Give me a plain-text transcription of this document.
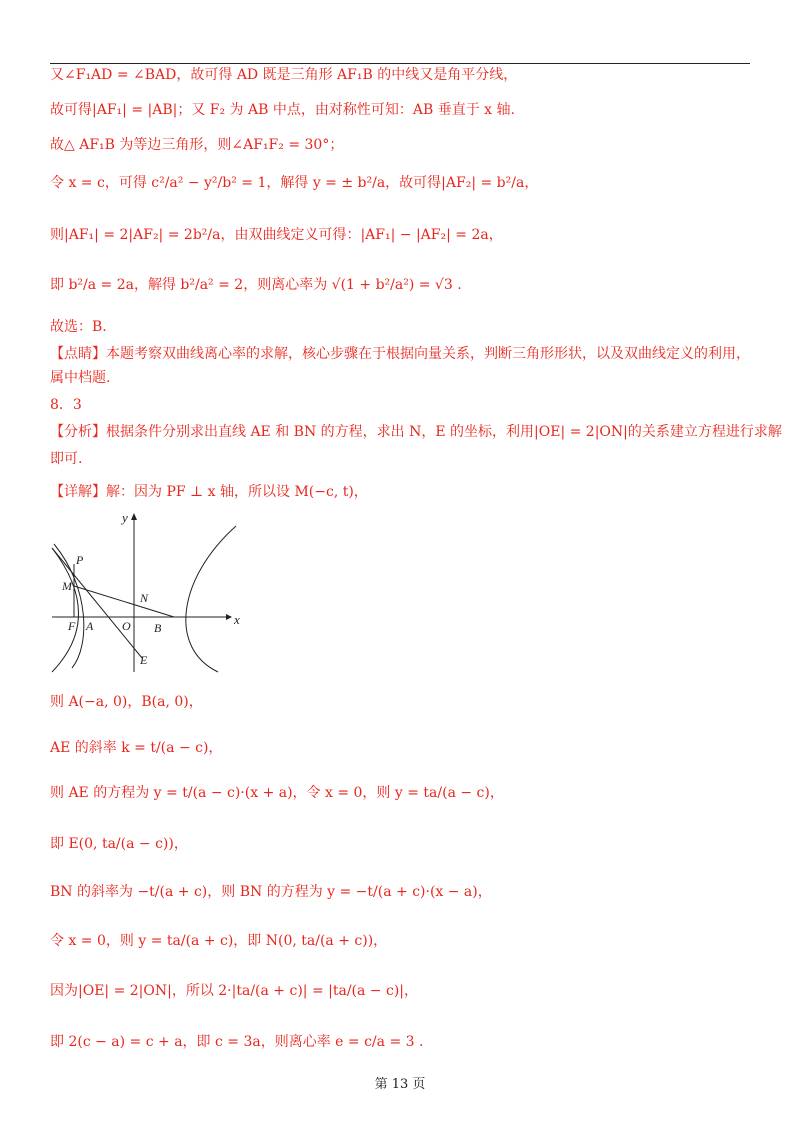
又∠F₁AD = ∠BAD，故可得 AD 既是三角形 AF₁B 的中线又是角平分线，
故可得|AF₁| = |AB|；又 F₂ 为 AB 中点，由对称性可知：AB 垂直于 x 轴.
故△ AF₁B 为等边三角形，则∠AF₁F₂ = 30°；
令 x = c，可得 c²/a² − y²/b² = 1，解得 y = ± b²/a，故可得|AF₂| = b²/a，
则|AF₁| = 2|AF₂| = 2b²/a，由双曲线定义可得：|AF₁| − |AF₂| = 2a，
即 b²/a = 2a，解得 b²/a² = 2，则离心率为 √(1 + b²/a²) = √3 .
故选：B.
【点睛】本题考察双曲线离心率的求解，核心步骤在于根据向量关系，判断三角形形状，以及双曲线定义的利用，
属中档题.
8．3
【分析】根据条件分别求出直线 AE 和 BN 的方程，求出 N，E 的坐标，利用|OE| = 2|ON|的关系建立方程进行求解
即可.
【详解】解：因为 PF ⊥ x 轴，所以设 M(−c, t)，
则 A(−a, 0)，B(a, 0)，
AE 的斜率 k = t/(a − c)，
则 AE 的方程为 y = t/(a − c)·(x + a)，令 x = 0，则 y = ta/(a − c)，
即 E(0, ta/(a − c))，
BN 的斜率为 −t/(a + c)，则 BN 的方程为 y = −t/(a + c)·(x − a)，
令 x = 0，则 y = ta/(a + c)，即 N(0, ta/(a + c))，
因为|OE| = 2|ON|，所以 2·|ta/(a + c)| = |ta/(a − c)|，
即 2(c − a) = c + a，即 c = 3a，则离心率 e = c/a = 3 .
y
x
P
M
F A O
N
B
E
第 13 页
